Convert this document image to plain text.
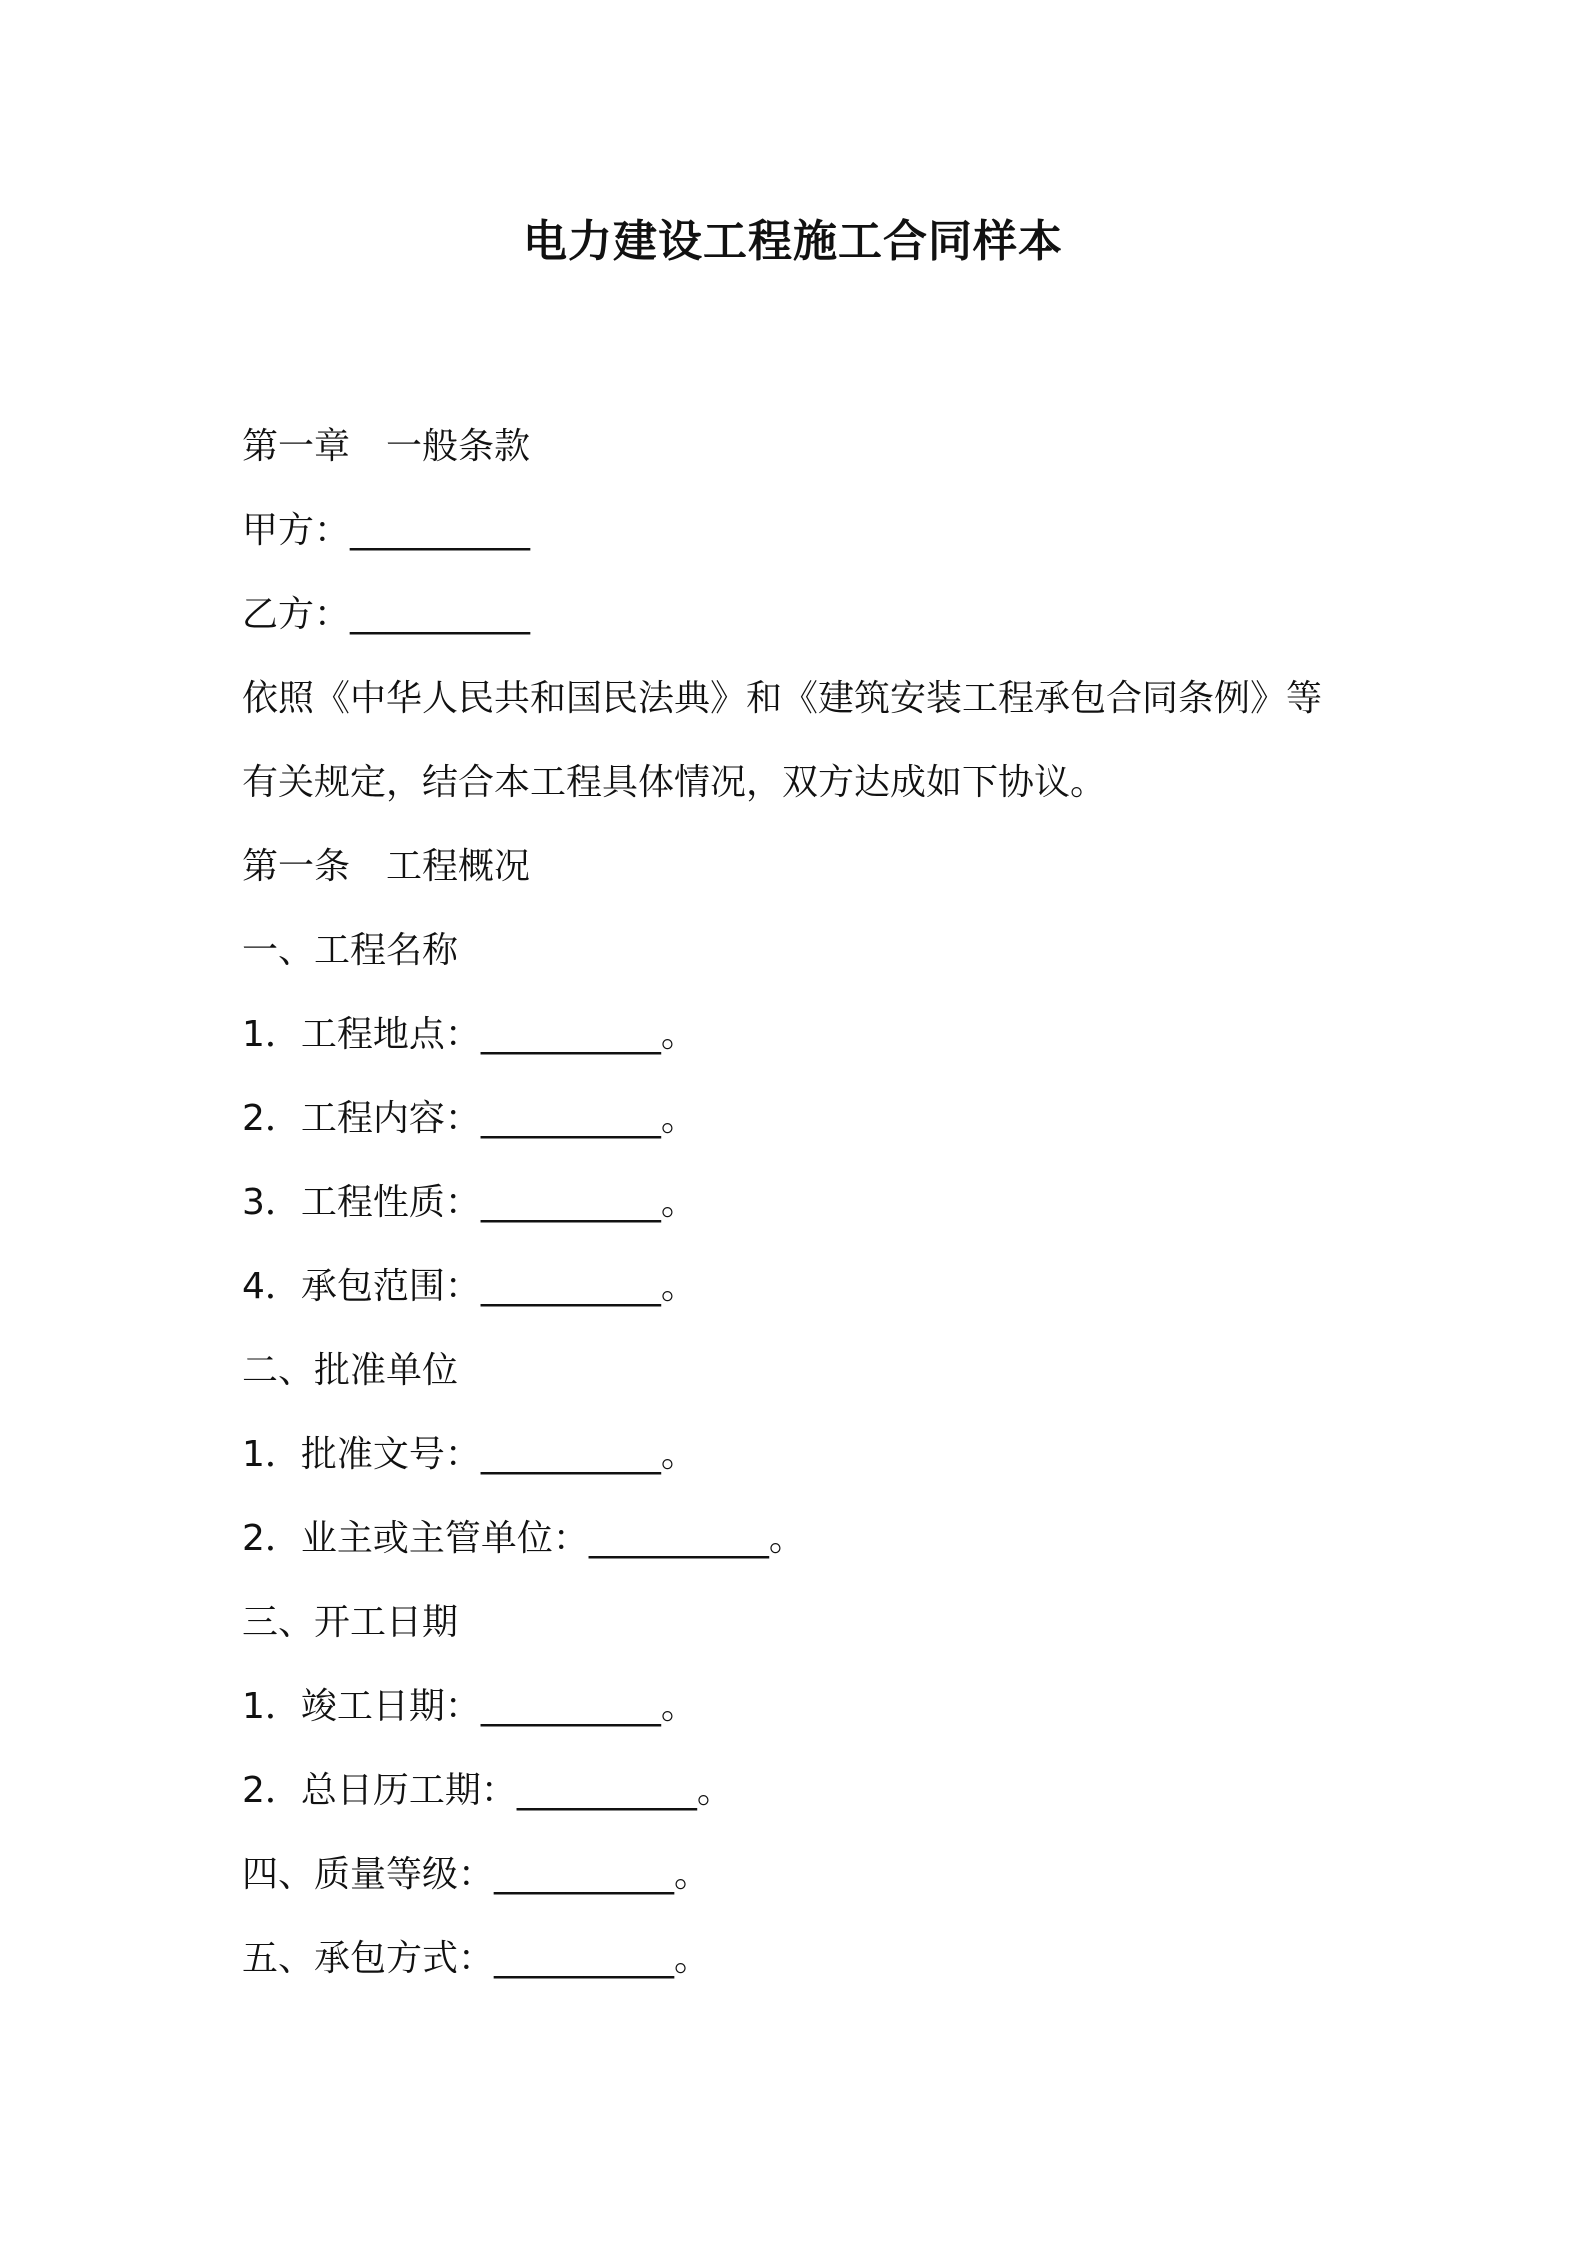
电力建设工程施工合同样本
第一章 一般条款
甲方：__________
乙方：__________
依照《中华人民共和国民法典》和《建筑安装工程承包合同条例》等
有关规定，结合本工程具体情况，双方达成如下协议。
第一条 工程概况
一、工程名称
1．工程地点：__________。
2．工程内容：__________。
3．工程性质：__________。
4．承包范围：__________。
二、批准单位
1．批准文号：__________。
2．业主或主管单位：__________。
三、开工日期
1．竣工日期：__________。
2．总日历工期：__________。
四、质量等级：__________。
五、承包方式：__________。
